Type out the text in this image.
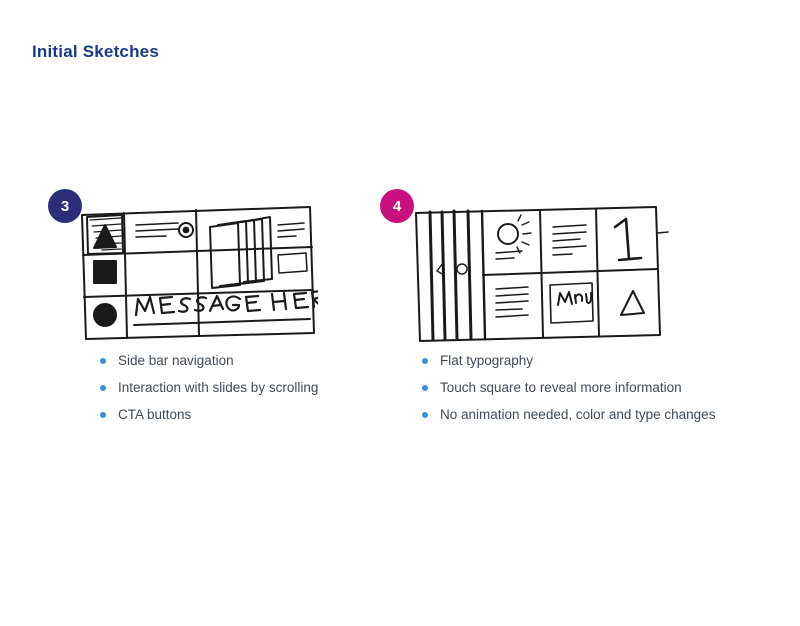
Initial Sketches
3
Side bar navigation
Interaction with slides by scrolling
CTA buttons
4
Flat typography
Touch square to reveal more information
No animation needed, color and type changes
